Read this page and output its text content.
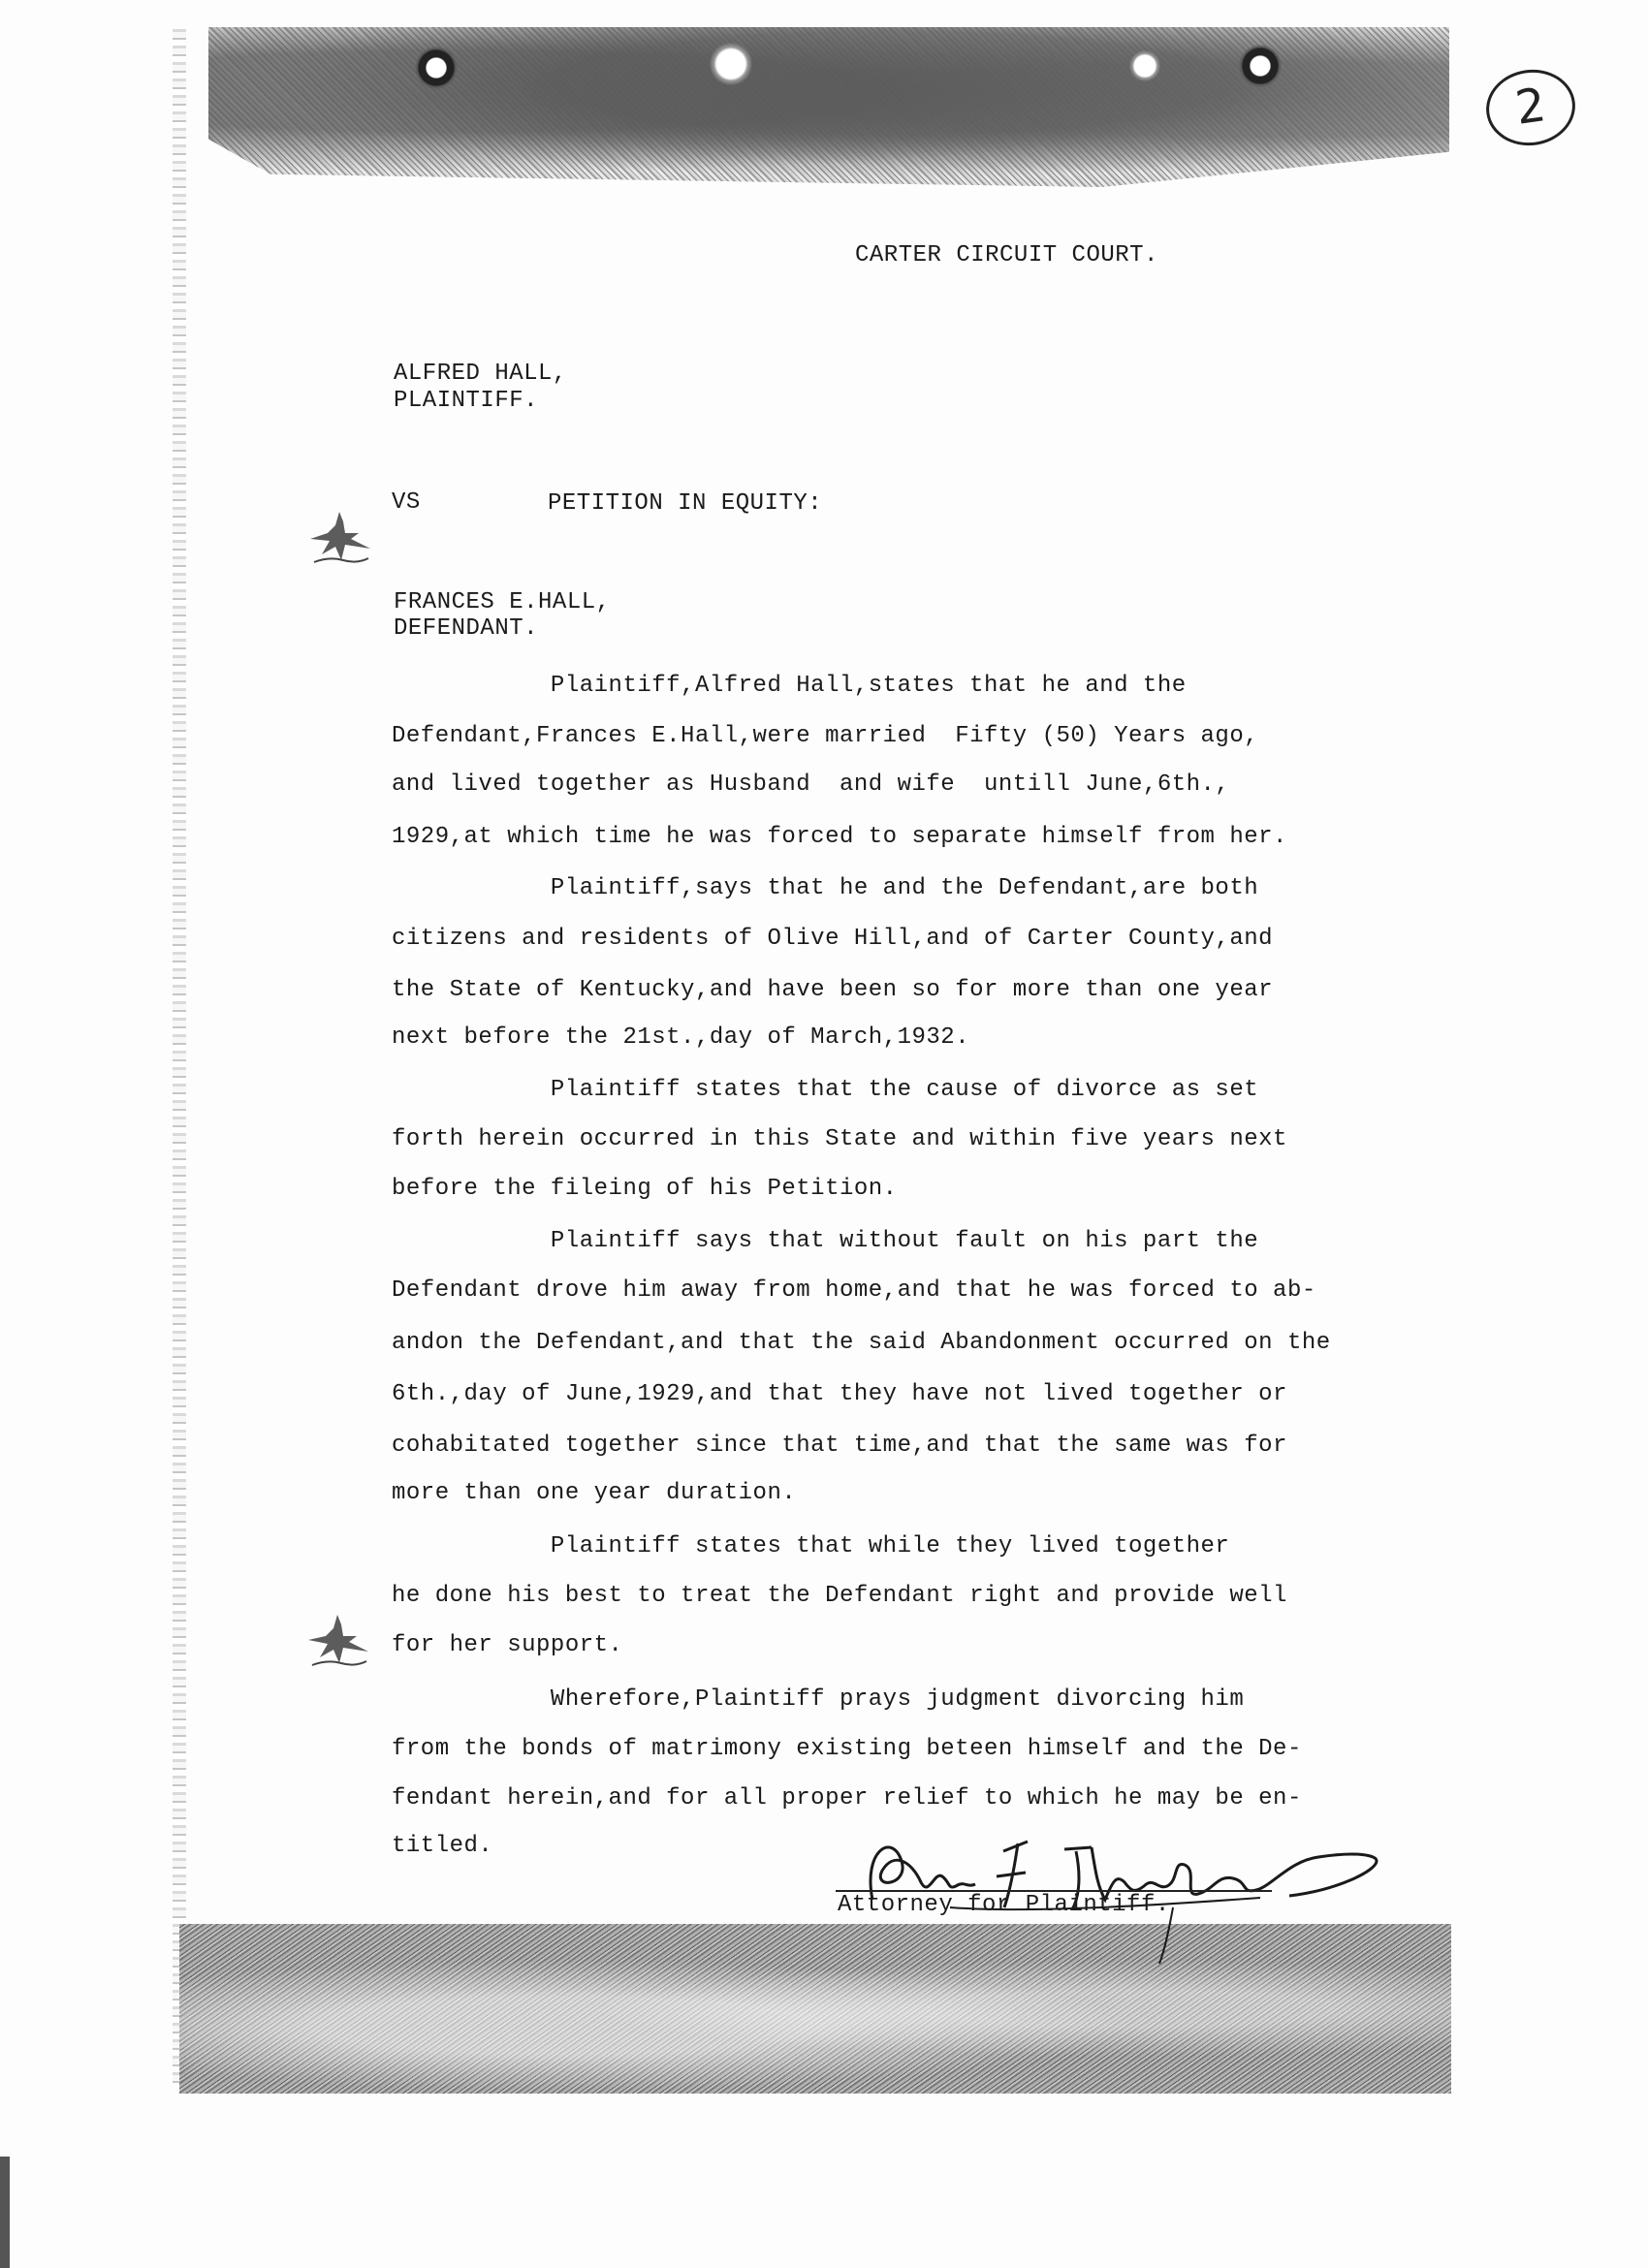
2
CARTER CIRCUIT COURT.
ALFRED HALL,
PLAINTIFF.
VS	PETITION IN EQUITY:
FRANCES E.HALL,
DEFENDANT.
Plaintiff,Alfred Hall,states that he and the
Defendant,Frances E.Hall,were married  Fifty (50) Years ago,
and lived together as Husband  and wife  untill June,6th.,
1929,at which time he was forced to separate himself from her.
Plaintiff,says that he and the Defendant,are both
citizens and residents of Olive Hill,and of Carter County,and
the State of Kentucky,and have been so for more than one year
next before the 21st.,day of March,1932.
Plaintiff states that the cause of divorce as set
forth herein occurred in this State and within five years next
before the fileing of his Petition.
Plaintiff says that without fault on his part the
Defendant drove him away from home,and that he was forced to ab-
andon the Defendant,and that the said Abandonment occurred on the
6th.,day of June,1929,and that they have not lived together or
cohabitated together since that time,and that the same was for
more than one year duration.
Plaintiff states that while they lived together
he done his best to treat the Defendant right and provide well
for her support.
Wherefore,Plaintiff prays judgment divorcing him
from the bonds of matrimony existing beteen himself and the De-
fendant herein,and for all proper relief to which he may be en-
titled.
Attorney for Plaintiff.
